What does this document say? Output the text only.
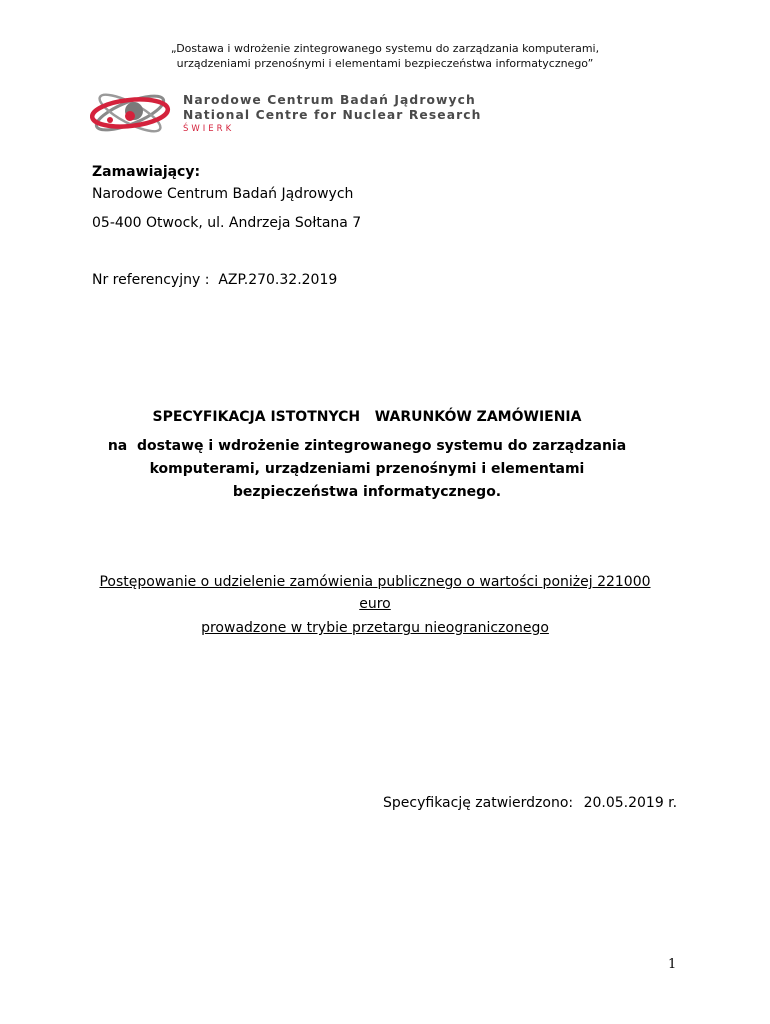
„Dostawa i wdrożenie zintegrowanego systemu do zarządzania komputerami,
urządzeniami przenośnymi i elementami bezpieczeństwa informatycznego”
Narodowe Centrum Badań Jądrowych
National Centre for Nuclear Research
ŚWIERK
Zamawiający:
Narodowe Centrum Badań Jądrowych
05-400 Otwock, ul. Andrzeja Sołtana 7
Nr referencyjny : AZP.270.32.2019
SPECYFIKACJA ISTOTNYCH   WARUNKÓW ZAMÓWIENIA
na  dostawę i wdrożenie zintegrowanego systemu do zarządzania
komputerami, urządzeniami przenośnymi i elementami
bezpieczeństwa informatycznego.
Postępowanie o udzielenie zamówienia publicznego o wartości poniżej 221000
euro
prowadzone w trybie przetargu nieograniczonego
Specyfikację zatwierdzono: 20.05.2019 r.
1
